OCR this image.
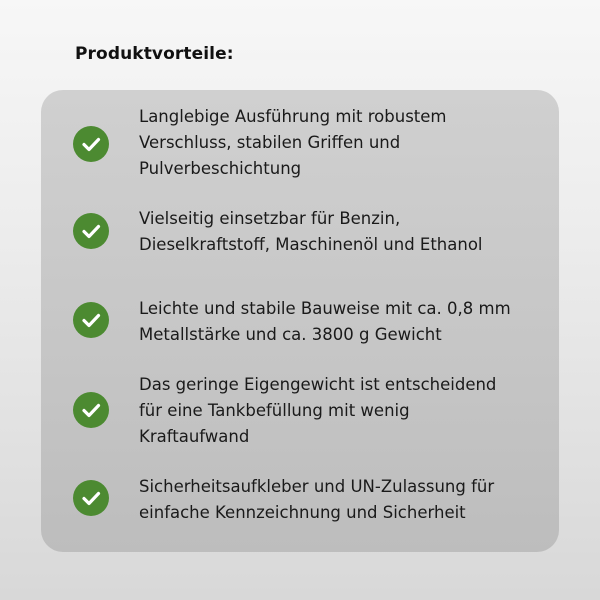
Produktvorteile:
Langlebige Ausführung mit robustem
Verschluss, stabilen Griffen und
Pulverbeschichtung
Vielseitig einsetzbar für Benzin,
Dieselkraftstoff, Maschinenöl und Ethanol
Leichte und stabile Bauweise mit ca. 0,8 mm
Metallstärke und ca. 3800 g Gewicht
Das geringe Eigengewicht ist entscheidend
für eine Tankbefüllung mit wenig
Kraftaufwand
Sicherheitsaufkleber und UN-Zulassung für
einfache Kennzeichnung und Sicherheit
